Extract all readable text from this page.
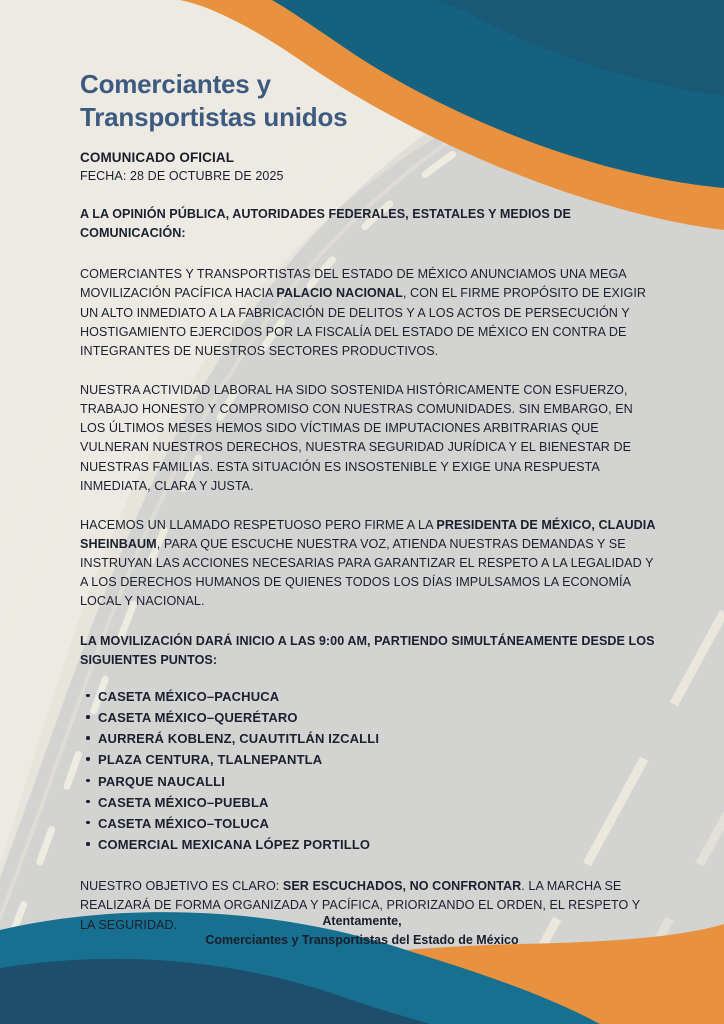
Comerciantes y
Transportistas unidos
COMUNICADO OFICIAL
FECHA: 28 DE OCTUBRE DE 2025
A LA OPINIÓN PÚBLICA, AUTORIDADES FEDERALES, ESTATALES Y MEDIOS DE COMUNICACIÓN:
COMERCIANTES Y TRANSPORTISTAS DEL ESTADO DE MÉXICO ANUNCIAMOS UNA MEGA MOVILIZACIÓN PACÍFICA HACIA PALACIO NACIONAL, CON EL FIRME PROPÓSITO DE EXIGIR UN ALTO INMEDIATO A LA FABRICACIÓN DE DELITOS Y A LOS ACTOS DE PERSECUCIÓN Y HOSTIGAMIENTO EJERCIDOS POR LA FISCALÍA DEL ESTADO DE MÉXICO EN CONTRA DE INTEGRANTES DE NUESTROS SECTORES PRODUCTIVOS.
NUESTRA ACTIVIDAD LABORAL HA SIDO SOSTENIDA HISTÓRICAMENTE CON ESFUERZO, TRABAJO HONESTO Y COMPROMISO CON NUESTRAS COMUNIDADES. SIN EMBARGO, EN LOS ÚLTIMOS MESES HEMOS SIDO VÍCTIMAS DE IMPUTACIONES ARBITRARIAS QUE VULNERAN NUESTROS DERECHOS, NUESTRA SEGURIDAD JURÍDICA Y EL BIENESTAR DE NUESTRAS FAMILIAS. ESTA SITUACIÓN ES INSOSTENIBLE Y EXIGE UNA RESPUESTA INMEDIATA, CLARA Y JUSTA.
HACEMOS UN LLAMADO RESPETUOSO PERO FIRME A LA PRESIDENTA DE MÉXICO, CLAUDIA SHEINBAUM, PARA QUE ESCUCHE NUESTRA VOZ, ATIENDA NUESTRAS DEMANDAS Y SE INSTRUYAN LAS ACCIONES NECESARIAS PARA GARANTIZAR EL RESPETO A LA LEGALIDAD Y A LOS DERECHOS HUMANOS DE QUIENES TODOS LOS DÍAS IMPULSAMOS LA ECONOMÍA LOCAL Y NACIONAL.
LA MOVILIZACIÓN DARÁ INICIO A LAS 9:00 AM, PARTIENDO SIMULTÁNEAMENTE DESDE LOS SIGUIENTES PUNTOS:
CASETA MÉXICO–PACHUCA
CASETA MÉXICO–QUERÉTARO
AURRERÁ KOBLENZ, CUAUTITLÁN IZCALLI
PLAZA CENTURA, TLALNEPANTLA
PARQUE NAUCALLI
CASETA MÉXICO–PUEBLA
CASETA MÉXICO–TOLUCA
COMERCIAL MEXICANA LÓPEZ PORTILLO
NUESTRO OBJETIVO ES CLARO: SER ESCUCHADOS, NO CONFRONTAR. LA MARCHA SE REALIZARÁ DE FORMA ORGANIZADA Y PACÍFICA, PRIORIZANDO EL ORDEN, EL RESPETO Y LA SEGURIDAD.	Atentamente,
Comerciantes y Transportistas del Estado de México
